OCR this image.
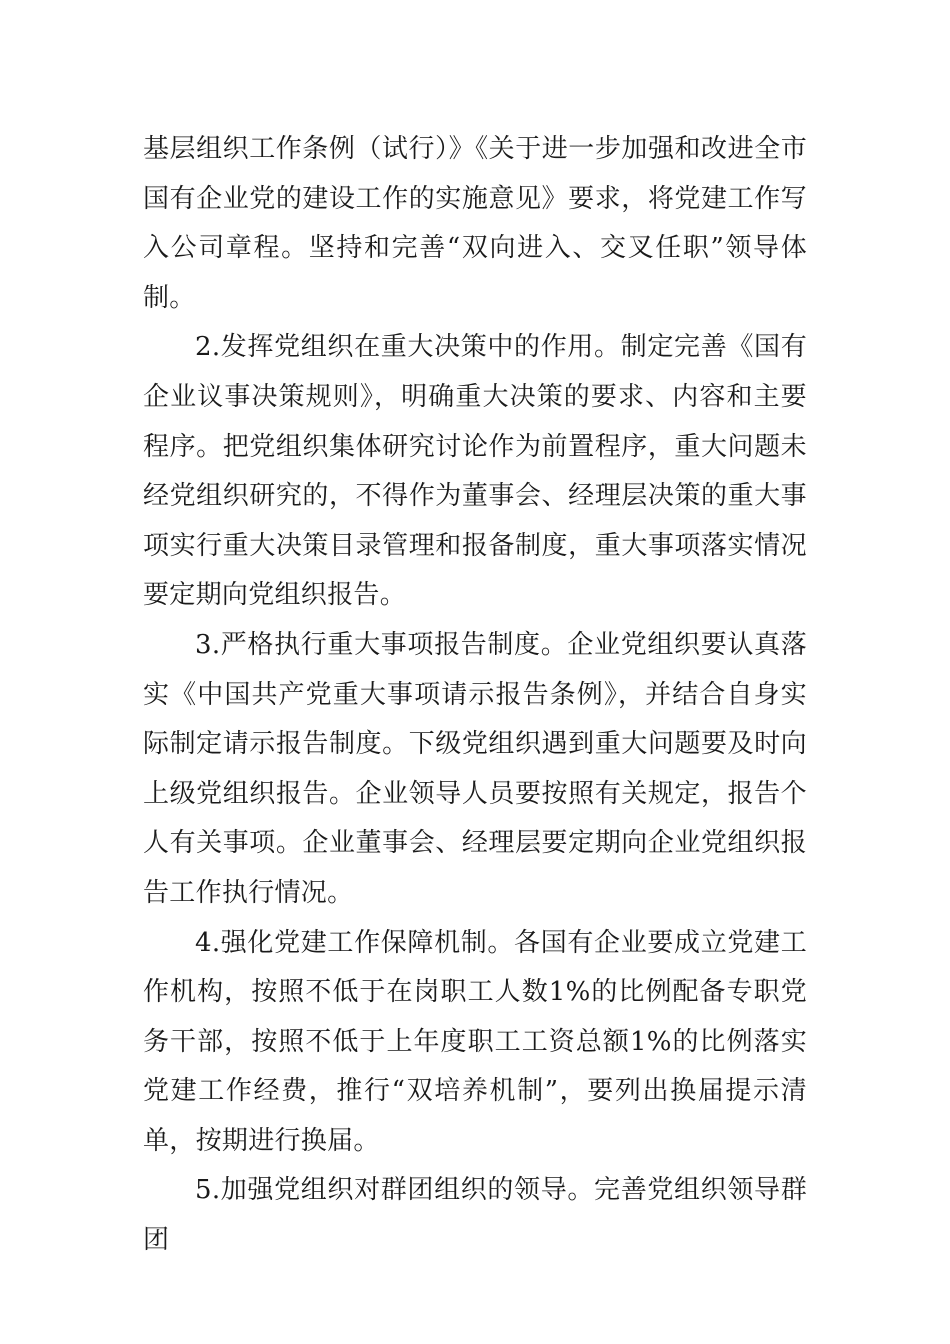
基层组织工作条例（试行）》《关于进一步加强和改进全市国有企业党的建设工作的实施意见》要求，将党建工作写入公司章程。坚持和完善“双向进入、交叉任职”领导体制。

2.发挥党组织在重大决策中的作用。制定完善《国有企业议事决策规则》，明确重大决策的要求、内容和主要程序。把党组织集体研究讨论作为前置程序，重大问题未经党组织研究的，不得作为董事会、经理层决策的重大事项实行重大决策目录管理和报备制度，重大事项落实情况要定期向党组织报告。

3.严格执行重大事项报告制度。企业党组织要认真落实《中国共产党重大事项请示报告条例》，并结合自身实际制定请示报告制度。下级党组织遇到重大问题要及时向上级党组织报告。企业领导人员要按照有关规定，报告个人有关事项。企业董事会、经理层要定期向企业党组织报告工作执行情况。

4.强化党建工作保障机制。各国有企业要成立党建工作机构，按照不低于在岗职工人数1%的比例配备专职党务干部，按照不低于上年度职工工资总额1%的比例落实党建工作经费，推行“双培养机制”，要列出换届提示清单，按期进行换届。

5.加强党组织对群团组织的领导。完善党组织领导群团
